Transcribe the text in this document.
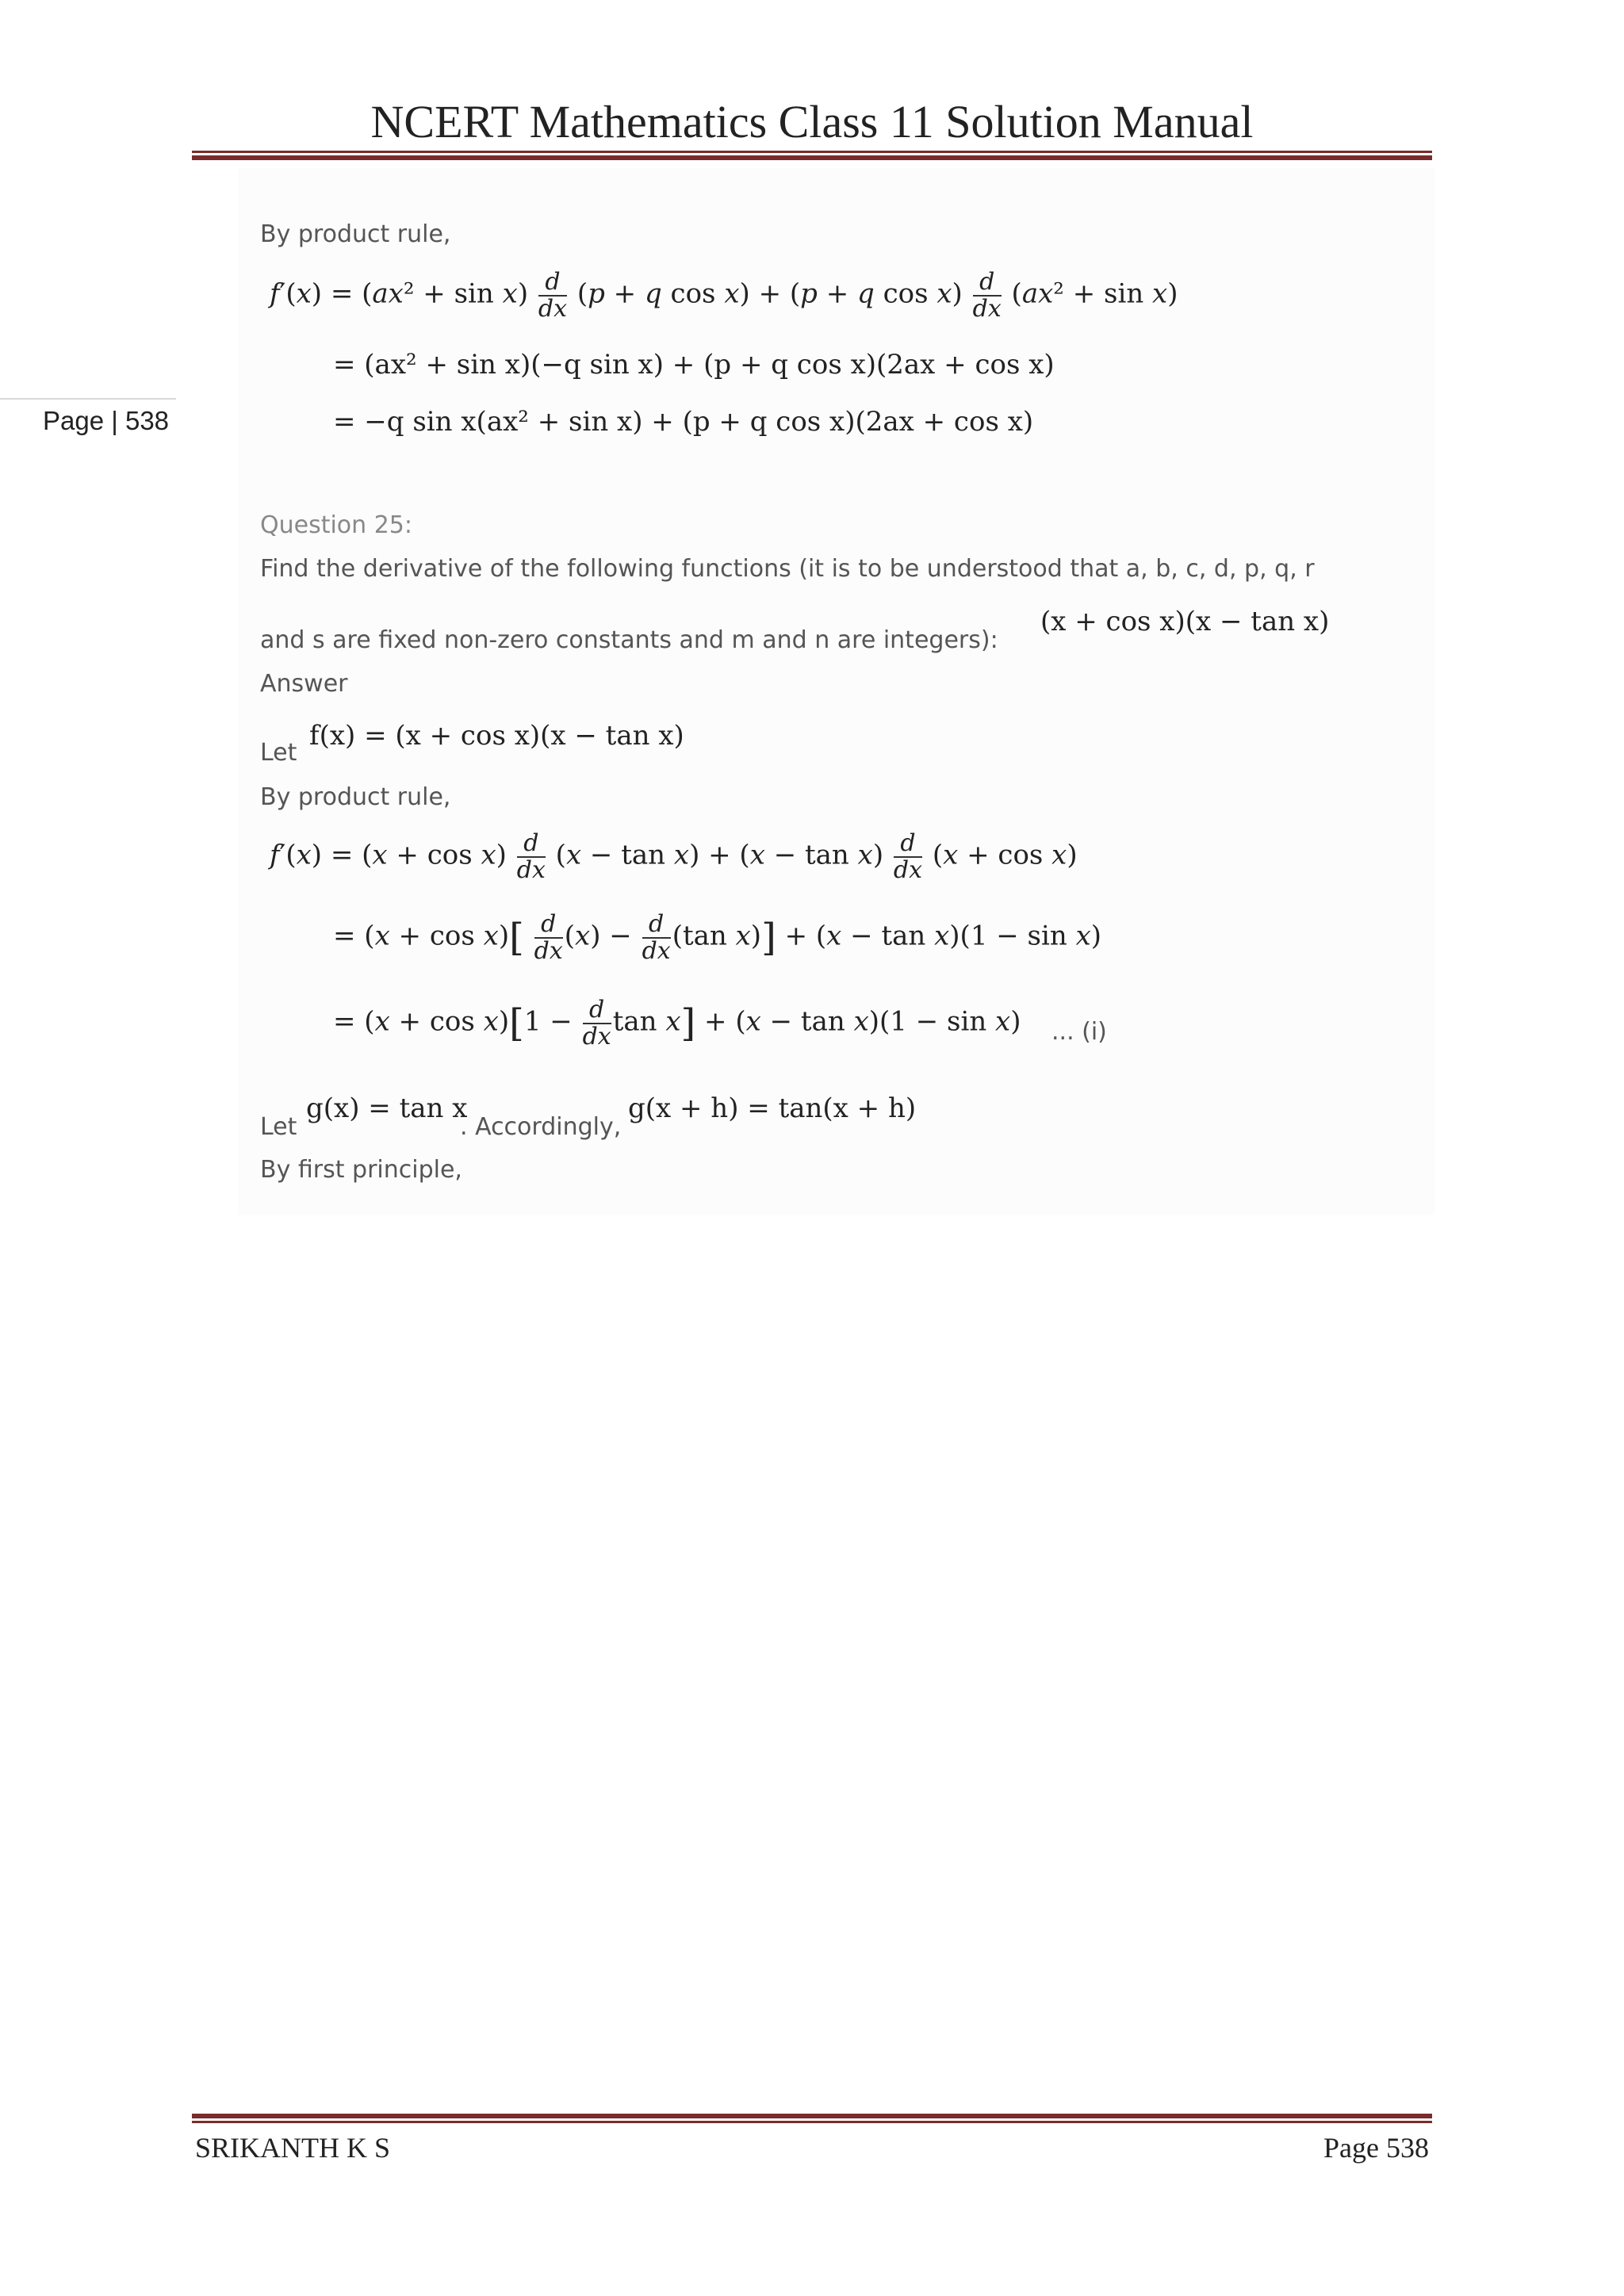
NCERT Mathematics Class 11 Solution Manual
Page | 538
By product rule,
$f'(x) = (ax^2 + \sin x) \frac{d}{dx} (p + q$ cos x) + (p + q $\cos x) \frac{d}{dx} (ax^2 + \sin x)$
= (ax² + sin x)(−q sin x) + (p + q cos x)(2ax + cos x)
= −q sin x(ax² + sin x) + (p + q cos x)(2ax + cos x)
Question 25:
Find the derivative of the following functions (it is to be understood that a, b, c, d, p, q, r
and s are fixed non-zero constants and m and n are integers):
(x + cos x)(x − tan x)
Answer
Let
f(x) = (x + cos x)(x − tan x)
By product rule,
$f'(x) = (x + \cos x) \frac{d}{dx} (x - \tan x) + (x - \tan x) \frac{d}{dx} (x + \cos x)$
= $(x + \cos x)[ \frac{d}{dx} (x) - \frac{d}{dx} (\tan$ x)] + (x − tan x)(1 − sin x)
= $(x + \cos x)[1 - \frac{d}{dx}$ tan x] + (x − tan x)(1 − sin x) ... (i)
Let
g(x) = tan x
. Accordingly,
g(x + h) = tan(x + h)
By first principle,
SRIKANTH K S	Page 538
